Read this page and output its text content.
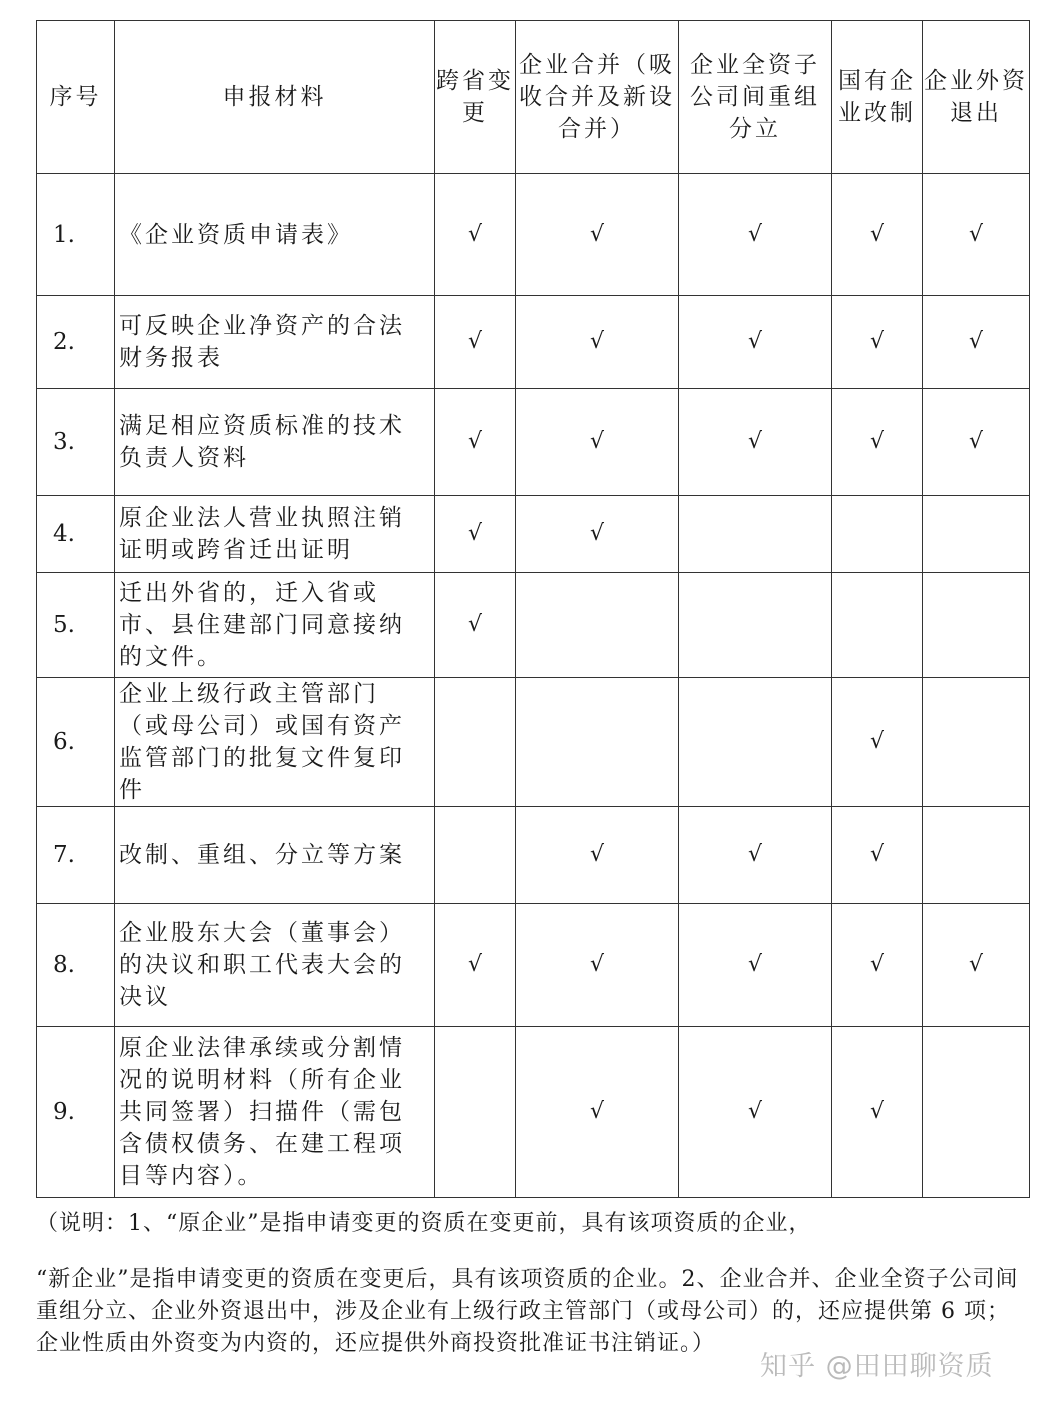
序号	申报材料	跨省变更	企业合并（吸收合并及新设合并）	企业全资子公司间重组分立	国有企业改制	企业外资退出
1.	《企业资质申请表》	√	√	√	√	√
2.	可反映企业净资产的合法财务报表	√	√	√	√	√
3.	满足相应资质标准的技术负责人资料	√	√	√	√	√
4.	原企业法人营业执照注销证明或跨省迁出证明	√	√			
5.	迁出外省的，迁入省或市、县住建部门同意接纳的文件。	√				
6.	企业上级行政主管部门（或母公司）或国有资产监管部门的批复文件复印件				√	
7.	改制、重组、分立等方案		√	√	√	
8.	企业股东大会（董事会）的决议和职工代表大会的决议	√	√	√	√	√
9.	原企业法律承续或分割情况的说明材料（所有企业共同签署）扫描件（需包含债权债务、在建工程项目等内容）。		√	√	√	
（说明：1、“原企业”是指申请变更的资质在变更前，具有该项资质的企业，
“新企业”是指申请变更的资质在变更后，具有该项资质的企业。2、企业合并、企业全资子公司间重组分立、企业外资退出中，涉及企业有上级行政主管部门（或母公司）的，还应提供第 6 项；企业性质由外资变为内资的，还应提供外商投资批准证书注销证。）
知乎 @田田聊资质
